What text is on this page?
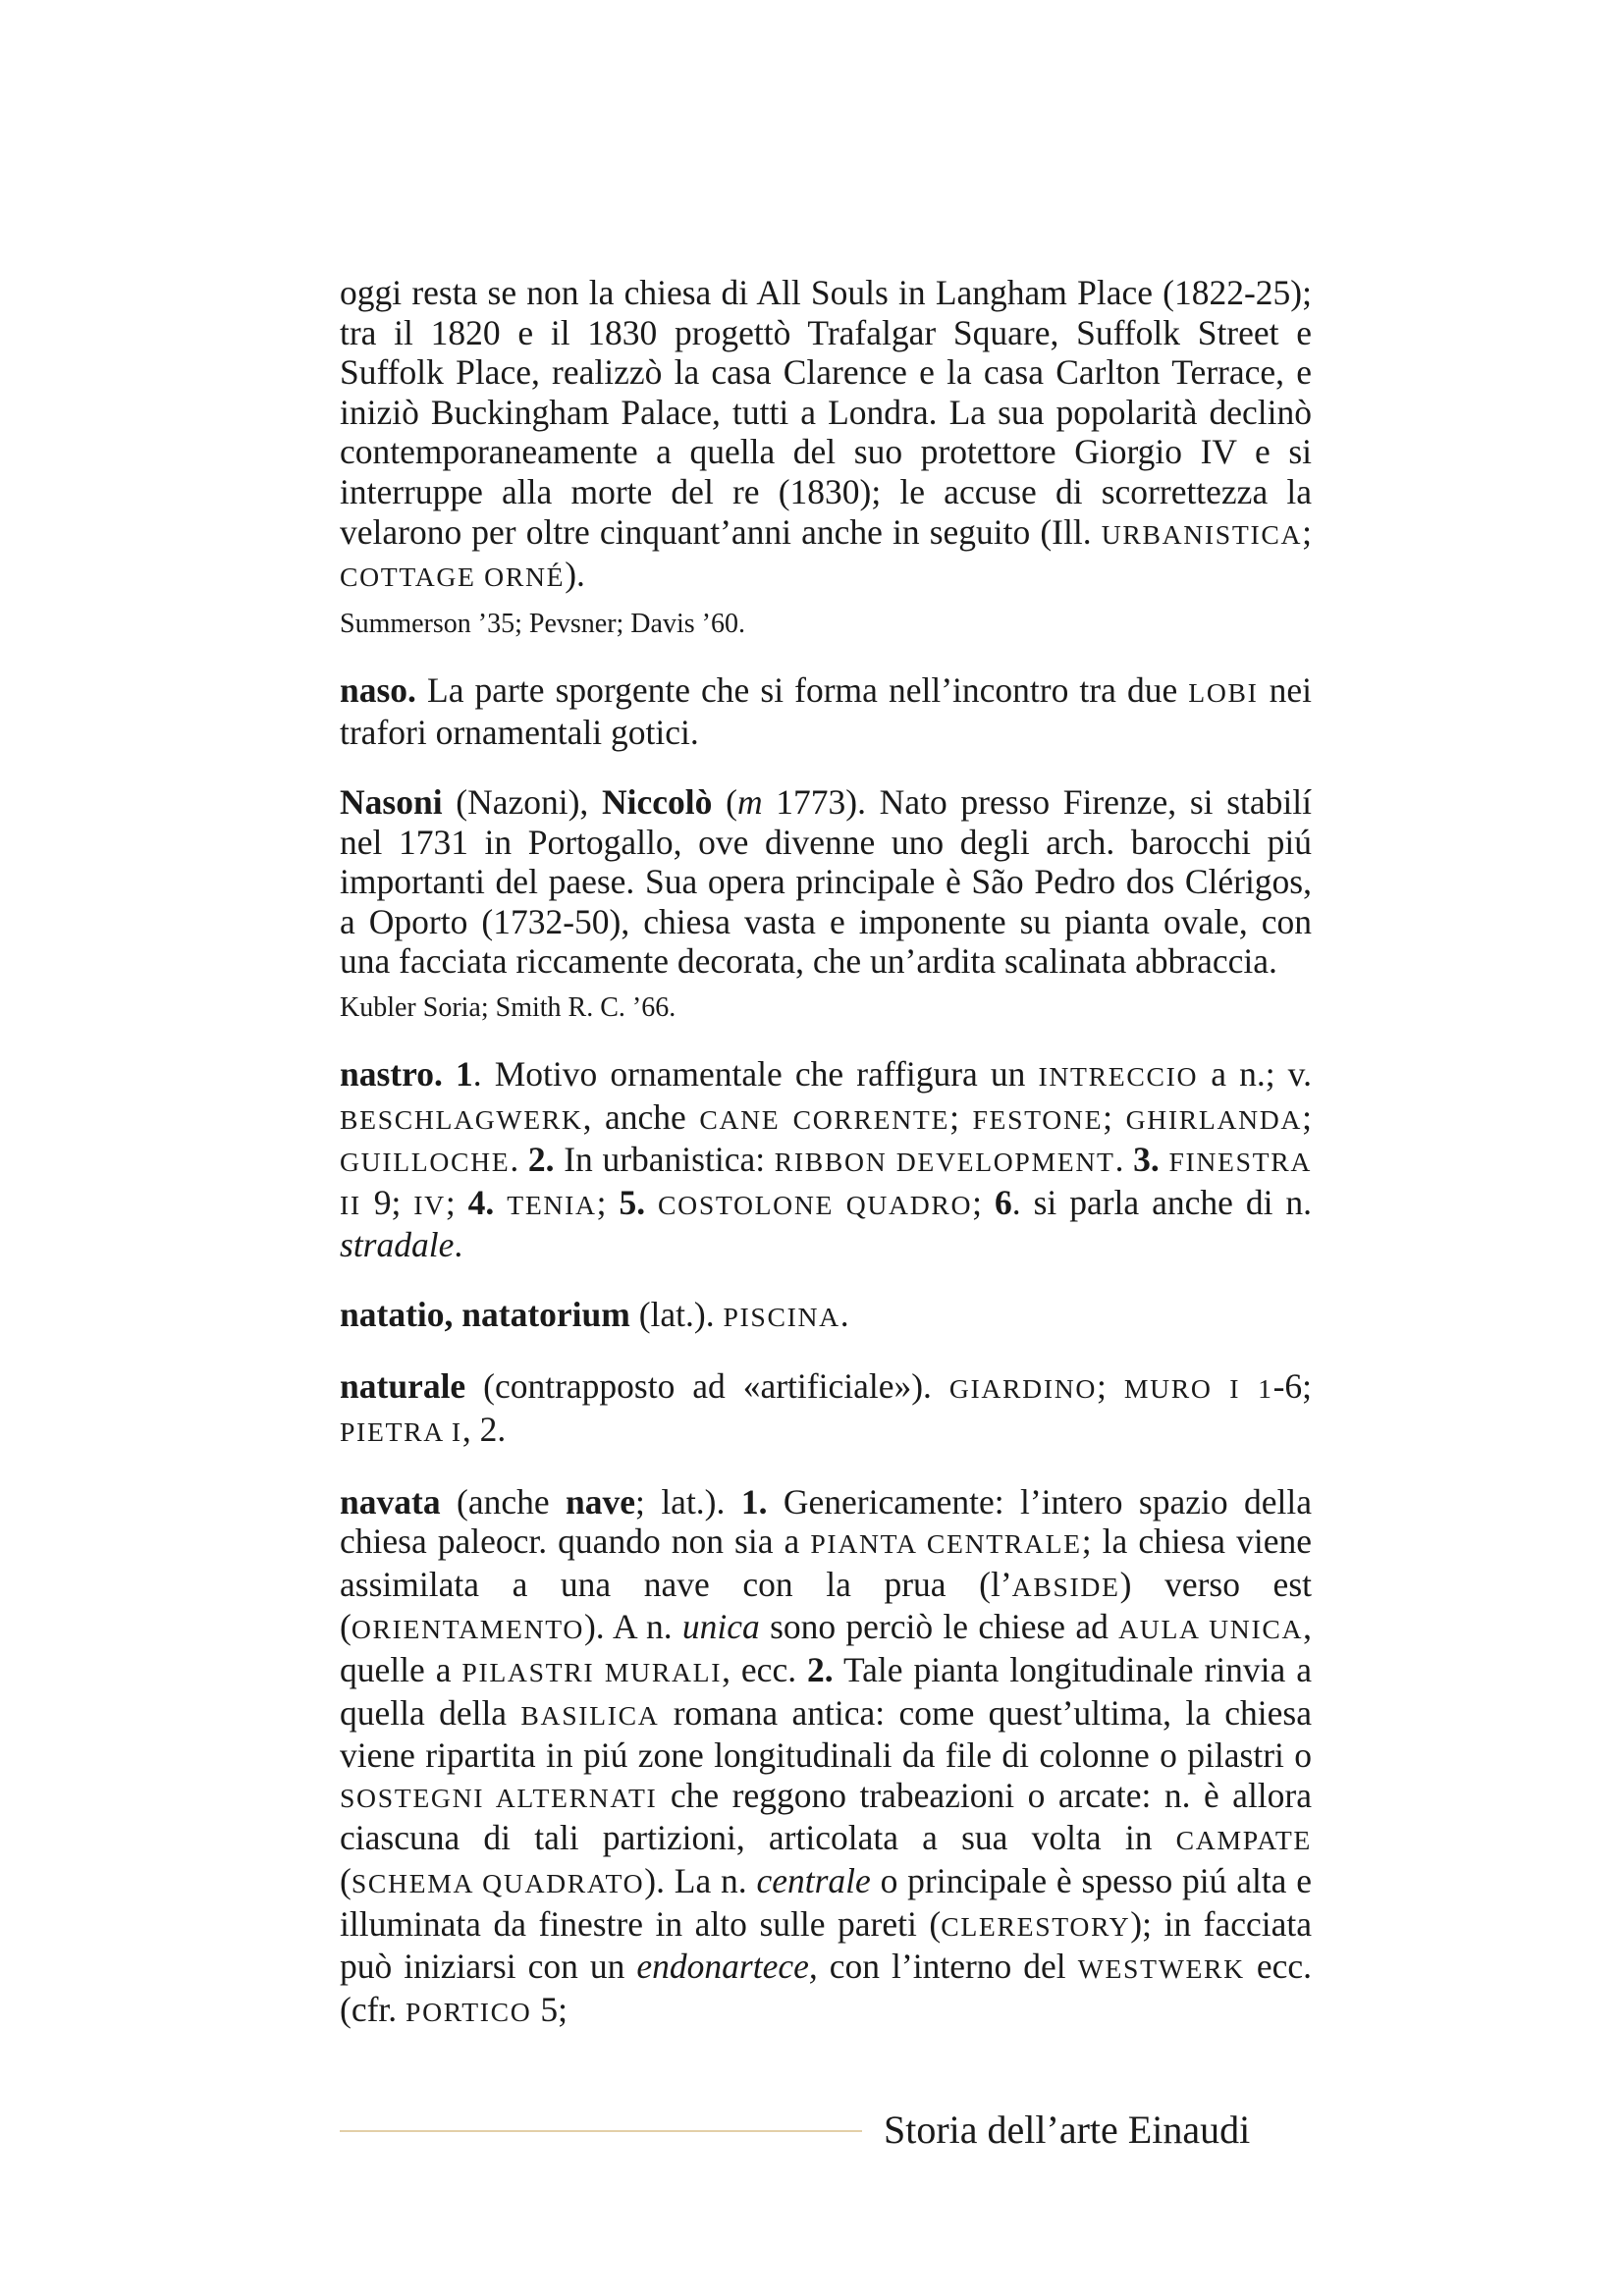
oggi resta se non la chiesa di All Souls in Langham Place (1822-25); tra il 1820 e il 1830 progettò Trafalgar Square, Suffolk Street e Suffolk Place, realizzò la casa Clarence e la casa Carlton Terrace, e iniziò Buckingham Palace, tutti a Londra. La sua popolarità declinò contemporaneamente a quella del suo protettore Giorgio IV e si interruppe alla morte del re (1830); le accuse di scorrettezza la velarono per oltre cinquant’anni anche in seguito (Ill. URBANISTICA; COTTAGE ORNÉ).

Summerson ’35; Pevsner; Davis ’60.

naso. La parte sporgente che si forma nell’incontro tra due LOBI nei trafori ornamentali gotici.

Nasoni (Nazoni), Niccolò (m 1773). Nato presso Firenze, si stabilí nel 1731 in Portogallo, ove divenne uno degli arch. barocchi piú importanti del paese. Sua opera principale è São Pedro dos Clérigos, a Oporto (1732-50), chiesa vasta e imponente su pianta ovale, con una facciata riccamente decorata, che un’ardita scalinata abbraccia.

Kubler Soria; Smith R. C. ’66.

nastro. 1. Motivo ornamentale che raffigura un INTRECCIO a n.; v. BESCHLAGWERK, anche CANE CORRENTE; FESTONE; GHIRLANDA; GUILLOCHE. 2. In urbanistica: RIBBON DEVELOPMENT. 3. FINESTRA II 9; IV; 4. TENIA; 5. COSTOLONE QUADRO; 6. si parla anche di n. stradale.

natatio, natatorium (lat.). PISCINA.

naturale (contrapposto ad «artificiale»). GIARDINO; MURO I 1-6; PIETRA I, 2.

navata (anche nave; lat.). 1. Genericamente: l’intero spazio della chiesa paleocr. quando non sia a PIANTA CENTRALE; la chiesa viene assimilata a una nave con la prua (l’ABSIDE) verso est (ORIENTAMENTO). A n. unica sono perciò le chiese ad AULA UNICA, quelle a PILASTRI MURALI, ecc. 2. Tale pianta longitudinale rinvia a quella della BASILICA romana antica: come quest’ultima, la chiesa viene ripartita in piú zone longitudinali da file di colonne o pilastri o SOSTEGNI ALTERNATI che reggono trabeazioni o arcate: n. è allora ciascuna di tali partizioni, articolata a sua volta in CAMPATE (SCHEMA QUADRATO). La n. centrale o principale è spesso piú alta e illuminata da finestre in alto sulle pareti (CLERESTORY); in facciata può iniziarsi con un endonartece, con l’interno del WESTWERK ecc. (cfr. PORTICO 5;

Storia dell’arte Einaudi
